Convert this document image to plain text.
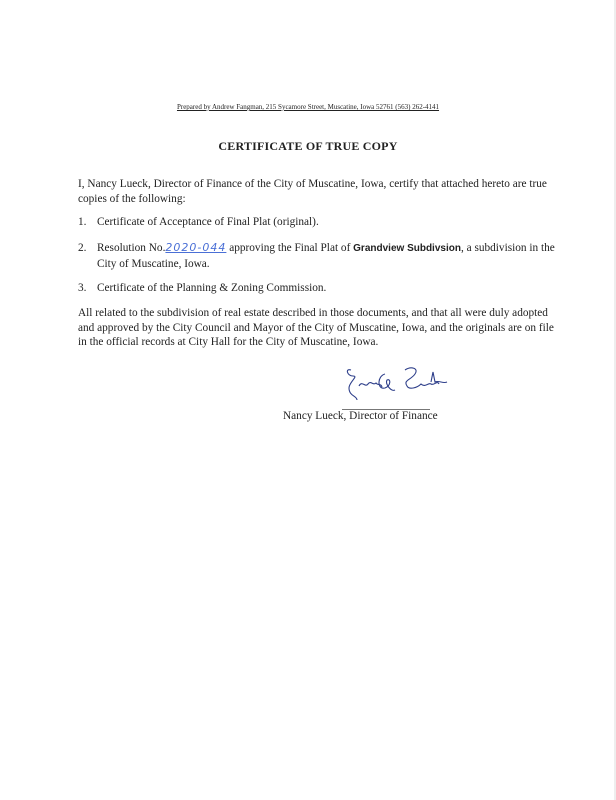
Prepared by Andrew Fangman, 215 Sycamore Street, Muscatine, Iowa 52761 (563) 262-4141
CERTIFICATE OF TRUE COPY
I, Nancy Lueck, Director of Finance of the City of Muscatine, Iowa, certify that attached hereto are true copies of the following:
1. Certificate of Acceptance of Final Plat (original).
2. Resolution No.2020-044 approving the Final Plat of Grandview Subdivsion, a subdivision in the City of Muscatine, Iowa.
3. Certificate of the Planning & Zoning Commission.
All related to the subdivision of real estate described in those documents, and that all were duly adopted and approved by the City Council and Mayor of the City of Muscatine, Iowa, and the originals are on file in the official records at City Hall for the City of Muscatine, Iowa.
Nancy Lueck, Director of Finance
